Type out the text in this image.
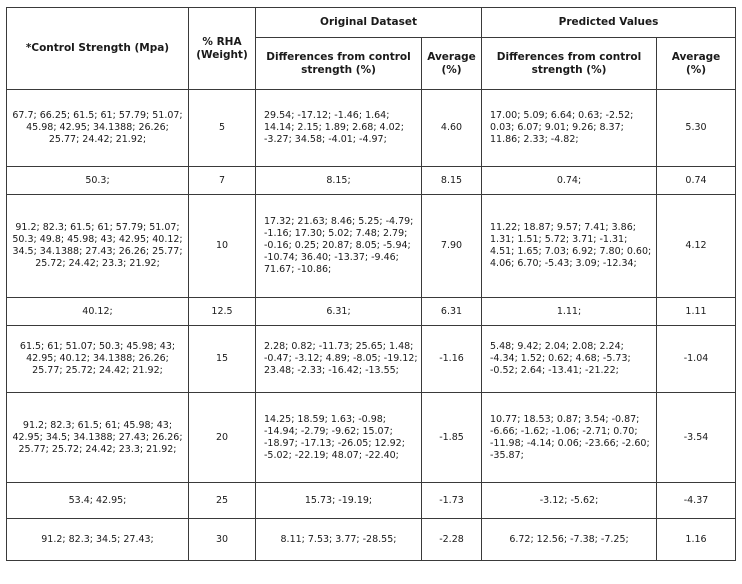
*Control Strength (Mpa)	% RHA (Weight)	Original Dataset		Predicted Values	
		Differences from control strength (%)	Average (%)	Differences from control strength (%)	Average (%)
67.7; 66.25; 61.5; 61; 57.79; 51.07; 45.98; 42.95; 34.1388; 26.26; 25.77; 24.42; 21.92;	5	29.54; -17.12; -1.46; 1.64; 14.14; 2.15; 1.89; 2.68; 4.02; -3.27; 34.58; -4.01; -4.97;	4.60	17.00; 5.09; 6.64; 0.63; -2.52; 0.03; 6.07; 9.01; 9.26; 8.37; 11.86; 2.33; -4.82;	5.30
50.3;	7	8.15;	8.15	0.74;	0.74
91.2; 82.3; 61.5; 61; 57.79; 51.07; 50.3; 49.8; 45.98; 43; 42.95; 40.12; 34.5; 34.1388; 27.43; 26.26; 25.77; 25.72; 24.42; 23.3; 21.92;	10	17.32; 21.63; 8.46; 5.25; -4.79; -1.16; 17.30; 5.02; 7.48; 2.79; -0.16; 0.25; 20.87; 8.05; -5.94; -10.74; 36.40; -13.37; -9.46; 71.67; -10.86;	7.90	11.22; 18.87; 9.57; 7.41; 3.86; 1.31; 1.51; 5.72; 3.71; -1.31; 4.51; 1.65; 7.03; 6.92; 7.80; 0.60; 4.06; 6.70; -5.43; 3.09; -12.34;	4.12
40.12;	12.5	6.31;	6.31	1.11;	1.11
61.5; 61; 51.07; 50.3; 45.98; 43; 42.95; 40.12; 34.1388; 26.26; 25.77; 25.72; 24.42; 21.92;	15	2.28; 0.82; -11.73; 25.65; 1.48; -0.47; -3.12; 4.89; -8.05; -19.12; 23.48; -2.33; -16.42; -13.55;	-1.16	5.48; 9.42; 2.04; 2.08; 2.24; -4.34; 1.52; 0.62; 4.68; -5.73; -0.52; 2.64; -13.41; -21.22;	-1.04
91.2; 82.3; 61.5; 61; 45.98; 43; 42.95; 34.5; 34.1388; 27.43; 26.26; 25.77; 25.72; 24.42; 23.3; 21.92;	20	14.25; 18.59; 1.63; -0.98; -14.94; -2.79; -9.62; 15.07; -18.97; -17.13; -26.05; 12.92; -5.02; -22.19; 48.07; -22.40;	-1.85	10.77; 18.53; 0.87; 3.54; -0.87; -6.66; -1.62; -1.06; -2.71; 0.70; -11.98; -4.14; 0.06; -23.66; -2.60; -35.87;	-3.54
53.4; 42.95;	25	15.73; -19.19;	-1.73	-3.12; -5.62;	-4.37
91.2; 82.3; 34.5; 27.43;	30	8.11; 7.53; 3.77; -28.55;	-2.28	6.72; 12.56; -7.38; -7.25;	1.16
